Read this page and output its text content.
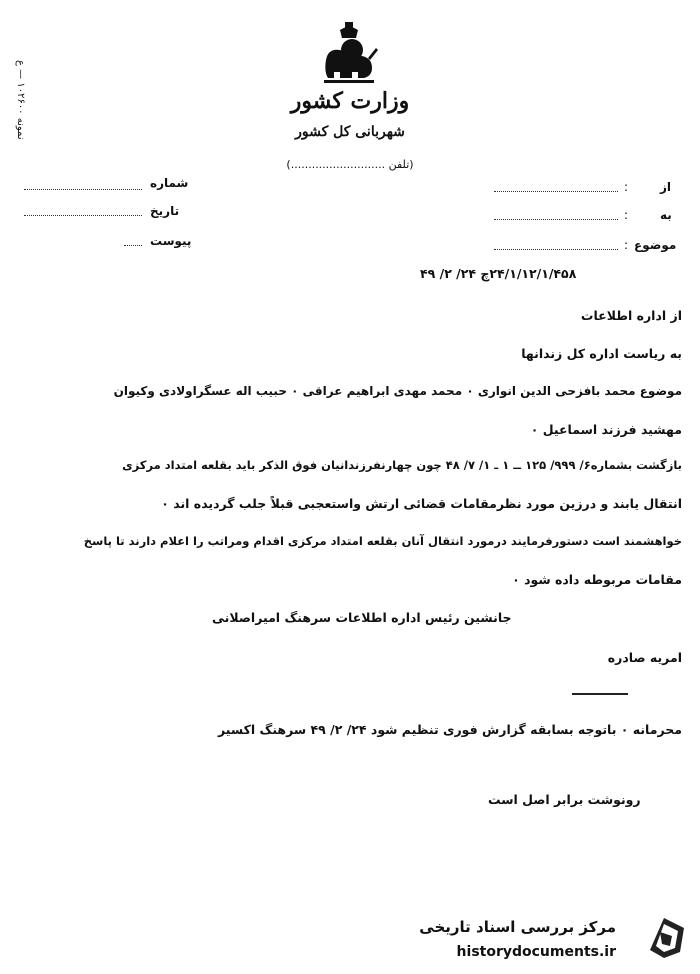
نمونه ۱۰۲۶۰۰ — ع
وزارت کشور
شهربانی کل کشور
(تلفن ...........................)
شماره
تاریخ
پیوست
از
:
به
:
موضوع
:
۲۴/۱/۱۲/۱/۴۵۸چ ۲۴/ ۲/ ۴۹
از اداره اطلاعات
به ریاست اداره کل زندانها
موضوع محمد بافزحی الدین انواری ۰ محمد مهدی ابراهیم عراقی ۰ حبیب اله عسگراولادی وکیوان
مهشید فرزند اسماعیل ۰
بازگشت بشماره۶/ ۹۹۹/ ۱۲۵ ــ ۱ ـ ۱/ ۷/ ۴۸ چون چهارنفرزندانیان فوق الذکر باید بقلعه امتداد مرکزی
انتقال یابند و درزین مورد نظرمقامات قضائی ارتش واستعجبی قبلاً جلب گردیده اند ۰
خواهشمند است دستورفرمایند درمورد انتقال آنان بقلعه امتداد مرکزی اقدام ومراتب را اعلام دارند تا پاسخ
مقامات مربوطه داده شود ۰
جانشین رئیس اداره اطلاعات سرهنگ امیراصلانی
امریه صادره
محرمانه ۰ باتوجه بسابقه گزارش فوری تنظیم شود ۲۴/ ۲/ ۴۹ سرهنگ اکسیر
رونوشت برابر اصل است
مرکز بررسی اسناد تاریخی
historydocuments.ir
